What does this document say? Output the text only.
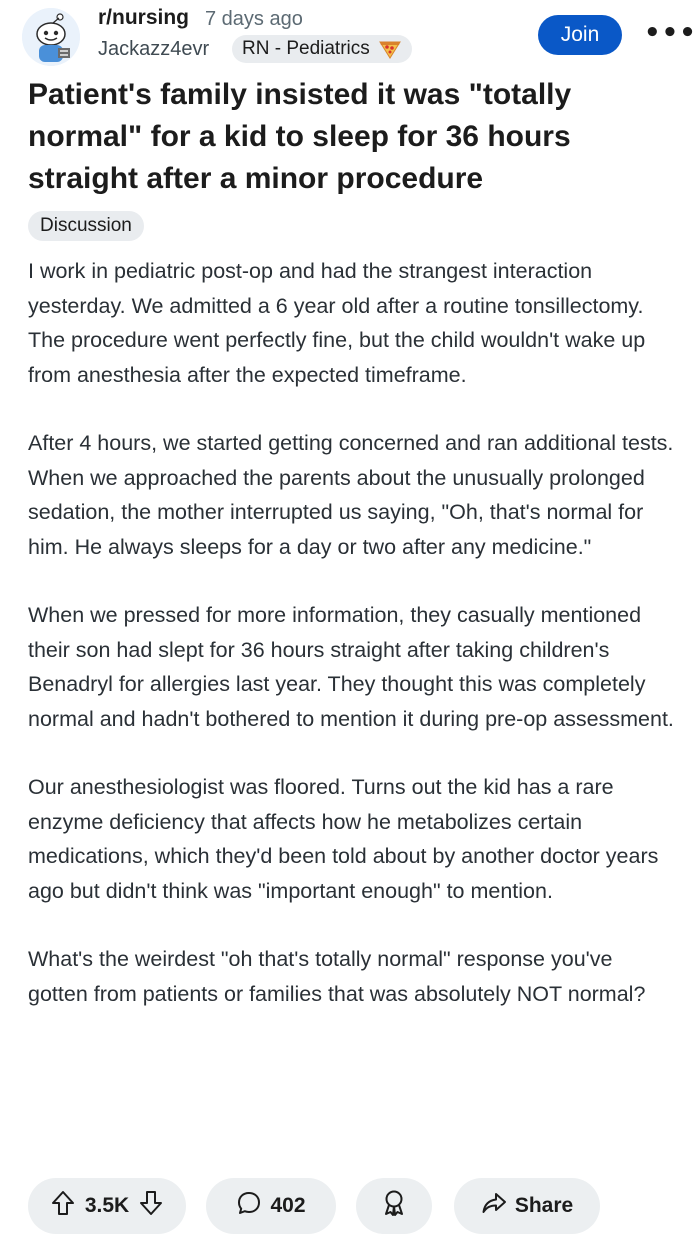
r/nursing 7 days ago
Jackazz4evr	RN - Pediatrics
Join	•••
Patient's family insisted it was "totally normal" for a kid to sleep for 36 hours straight after a minor procedure
Discussion

I work in pediatric post-op and had the strangest interaction yesterday. We admitted a 6 year old after a routine tonsillectomy. The procedure went perfectly fine, but the child wouldn't wake up from anesthesia after the expected timeframe.

After 4 hours, we started getting concerned and ran additional tests. When we approached the parents about the unusually prolonged sedation, the mother interrupted us saying, "Oh, that's normal for him. He always sleeps for a day or two after any medicine."

When we pressed for more information, they casually mentioned their son had slept for 36 hours straight after taking children's Benadryl for allergies last year. They thought this was completely normal and hadn't bothered to mention it during pre-op assessment.

Our anesthesiologist was floored. Turns out the kid has a rare enzyme deficiency that affects how he metabolizes certain medications, which they'd been told about by another doctor years ago but didn't think was "important enough" to mention.

What's the weirdest "oh that's totally normal" response you've gotten from patients or families that was absolutely NOT normal?

3.5K	402	Share
